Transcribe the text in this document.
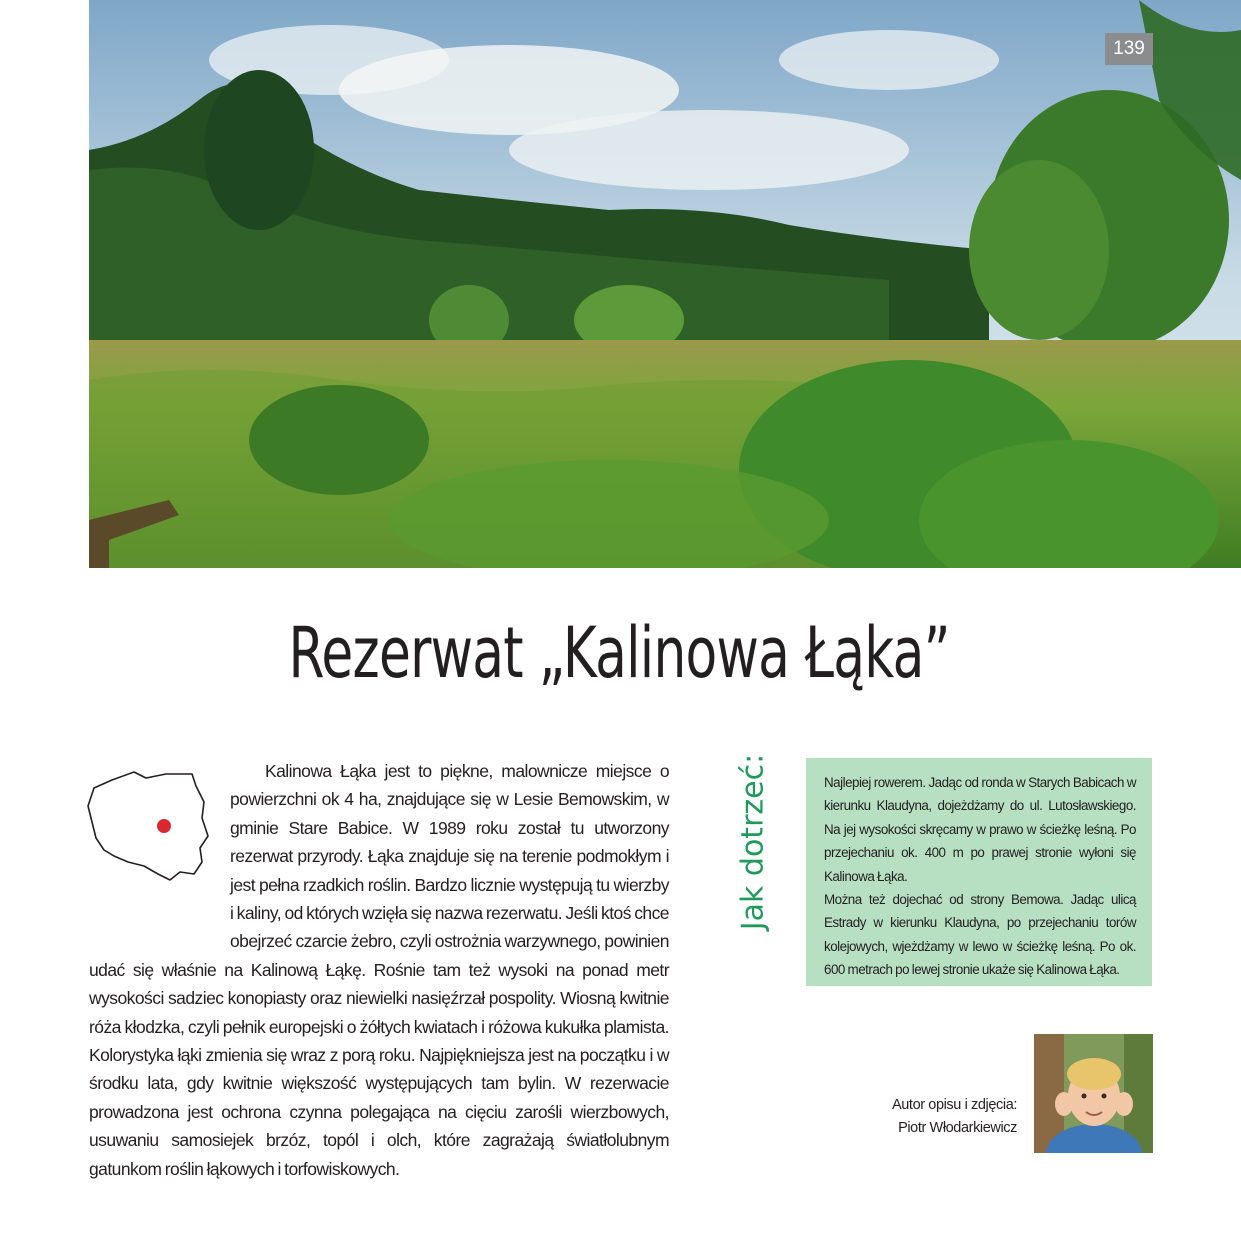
139
Rezerwat „Kalinowa Łąka”

Kalinowa Łąka jest to piękne, malownicze miejsce o powierzchni ok 4 ha, znajdujące się w Lesie Bemowskim, w gminie Stare Babice. W 1989 roku został tu utworzony rezerwat przyrody. Łąka znajduje się na terenie podmokłym i jest pełna rzadkich roślin. Bardzo licznie występują tu wierzby i kaliny, od których wzięła się nazwa rezerwatu. Jeśli ktoś chce obejrzeć czarcie żebro, czyli ostrożnia warzywnego, powinien udać się właśnie na Kalinową Łąkę. Rośnie tam też wysoki na ponad metr wysokości sadziec konopiasty oraz niewielki nasięźrzał pospolity. Wiosną kwitnie róża kłodzka, czyli pełnik europejski o żółtych kwiatach i różowa kukułka plamista. Kolorystyka łąki zmienia się wraz z porą roku. Najpiękniejsza jest na początku i w środku lata, gdy kwitnie większość występujących tam bylin. W rezerwacie prowadzona jest ochrona czynna polegająca na cięciu zarośli wierzbowych, usuwaniu samosiejek brzóz, topól i olch, które zagrażają światłolubnym gatunkom roślin łąkowych i torfowiskowych.

Jak dotrzeć:	Najlepiej rowerem. Jadąc od ronda w Starych Babicach w kierunku Klaudyna, dojeżdżamy do ul. Lutosławskiego. Na jej wysokości skręcamy w prawo w ścieżkę leśną. Po przejechaniu ok. 400 m po prawej stronie wyłoni się Kalinowa Łąka.

Można też dojechać od strony Bemowa. Jadąc ulicą Estrady w kierunku Klaudyna, po przejechaniu torów kolejowych, wjeżdżamy w lewo w ścieżkę leśną. Po ok. 600 metrach po lewej stronie ukaże się Kalinowa Łąka.

Autor opisu i zdjęcia:
Piotr Włodarkiewicz
